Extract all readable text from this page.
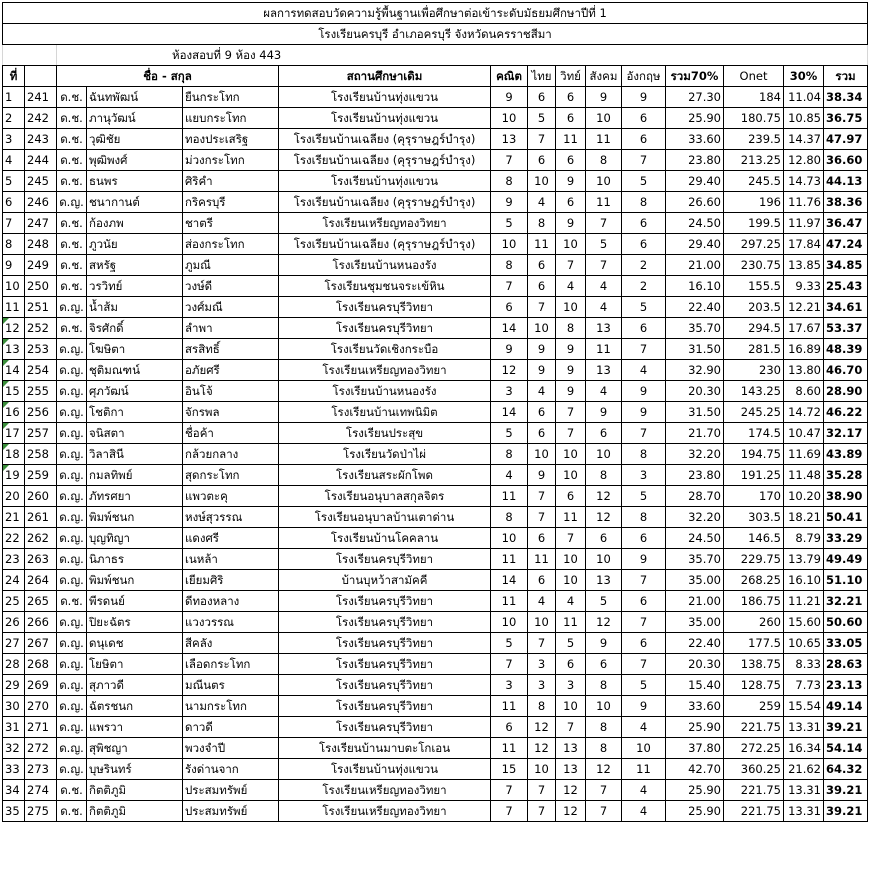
ผลการทดสอบวัดความรู้พื้นฐานเพื่อศึกษาต่อเข้าระดับมัธยมศึกษาปีที่ 1														
โรงเรียนครบุรี อำเภอครบุรี จังหวัดนครราชสีมา														
		ห้องสอบที่ 9 ห้อง 443												
ที่		ชื่อ - สกุล			สถานศึกษาเดิม	คณิต	ไทย	วิทย์	สังคม	อังกฤษ	รวม70%	Onet	30%	รวม
1	241	ด.ช.	ฉันทพัฒน์	ยืนกระโทก	โรงเรียนบ้านทุ่งแขวน	9	6	6	9	9	27.30	184	11.04	38.34
2	242	ด.ช.	ภานุวัฒน์	แยบกระโทก	โรงเรียนบ้านทุ่งแขวน	10	5	6	10	6	25.90	180.75	10.85	36.75
3	243	ด.ช.	วุฒิชัย	ทองประเสริฐ	โรงเรียนบ้านเฉลียง (คุรุราษฎร์บำรุง)	13	7	11	11	6	33.60	239.5	14.37	47.97
4	244	ด.ช.	พุฒิพงศ์	ม่วงกระโทก	โรงเรียนบ้านเฉลียง (คุรุราษฎร์บำรุง)	7	6	6	8	7	23.80	213.25	12.80	36.60
5	245	ด.ช.	ธนพร	ศิริคำ	โรงเรียนบ้านทุ่งแขวน	8	10	9	10	5	29.40	245.5	14.73	44.13
6	246	ด.ญ.	ชนากานต์	กริครบุรี	โรงเรียนบ้านเฉลียง (คุรุราษฎร์บำรุง)	9	4	6	11	8	26.60	196	11.76	38.36
7	247	ด.ช.	ก้องภพ	ชาตรี	โรงเรียนเหรียญทองวิทยา	5	8	9	7	6	24.50	199.5	11.97	36.47
8	248	ด.ช.	ภูวนัย	ส่องกระโทก	โรงเรียนบ้านเฉลียง (คุรุราษฎร์บำรุง)	10	11	10	5	6	29.40	297.25	17.84	47.24
9	249	ด.ช.	สหรัฐ	ภูมณี	โรงเรียนบ้านหนองรัง	8	6	7	7	2	21.00	230.75	13.85	34.85
10	250	ด.ช.	วรวิทย์	วงษ์ดี	โรงเรียนชุมชนจระเข้หิน	7	6	4	4	2	16.10	155.5	9.33	25.43
11	251	ด.ญ.	น้ำส้ม	วงศ์มณี	โรงเรียนครบุรีวิทยา	6	7	10	4	5	22.40	203.5	12.21	34.61
12	252	ด.ช.	จิรศักดิ์	ลำพา	โรงเรียนครบุรีวิทยา	14	10	8	13	6	35.70	294.5	17.67	53.37
13	253	ด.ญ.	โฆษิตา	สรสิทธิ์	โรงเรียนวัดเชิงกระบือ	9	9	9	11	7	31.50	281.5	16.89	48.39
14	254	ด.ญ.	ชุติมณฑน์	อภัยศรี	โรงเรียนเหรียญทองวิทยา	12	9	9	13	4	32.90	230	13.80	46.70
15	255	ด.ญ.	ศุภวัฒน์	อินโจ้	โรงเรียนบ้านหนองรัง	3	4	9	4	9	20.30	143.25	8.60	28.90
16	256	ด.ญ.	โชติกา	จักรพล	โรงเรียนบ้านเทพนิมิต	14	6	7	9	9	31.50	245.25	14.72	46.22
17	257	ด.ญ.	จนิสตา	ชื่อค้า	โรงเรียนประสุข	5	6	7	6	7	21.70	174.5	10.47	32.17
18	258	ด.ญ.	วิลาสินี	กล้วยกลาง	โรงเรียนวัดป่าไผ่	8	10	10	10	8	32.20	194.75	11.69	43.89
19	259	ด.ญ.	กมลทิพย์	สุดกระโทก	โรงเรียนสระผักโพด	4	9	10	8	3	23.80	191.25	11.48	35.28
20	260	ด.ญ.	ภัทรศยา	แพวตะคุ	โรงเรียนอนุบาลสกุลจิตร	11	7	6	12	5	28.70	170	10.20	38.90
21	261	ด.ญ.	พิมพ์ชนก	หงษ์สุวรรณ	โรงเรียนอนุบาลบ้านเตาด่าน	8	7	11	12	8	32.20	303.5	18.21	50.41
22	262	ด.ญ.	บุญทิญา	แดงศรี	โรงเรียนบ้านโคคลาน	10	6	7	6	6	24.50	146.5	8.79	33.29
23	263	ด.ญ.	นิภาธร	เนหล้า	โรงเรียนครบุรีวิทยา	11	11	10	10	9	35.70	229.75	13.79	49.49
24	264	ด.ญ.	พิมพ์ชนก	เยียมศิริ	บ้านบุหว้าสามัคคี	14	6	10	13	7	35.00	268.25	16.10	51.10
25	265	ด.ช.	พีรดนย์	ดีทองหลาง	โรงเรียนครบุรีวิทยา	11	4	4	5	6	21.00	186.75	11.21	32.21
26	266	ด.ญ.	ปิยะฉัตร	แวงวรรณ	โรงเรียนครบุรีวิทยา	10	10	11	12	7	35.00	260	15.60	50.60
27	267	ด.ญ.	ดนุเดช	สีคลัง	โรงเรียนครบุรีวิทยา	5	7	5	9	6	22.40	177.5	10.65	33.05
28	268	ด.ญ.	โยษิตา	เลือดกระโทก	โรงเรียนครบุรีวิทยา	7	3	6	6	7	20.30	138.75	8.33	28.63
29	269	ด.ญ.	สุภาวดี	มณีนตร	โรงเรียนครบุรีวิทยา	3	3	3	8	5	15.40	128.75	7.73	23.13
30	270	ด.ญ.	ฉัตรชนก	นามกระโทก	โรงเรียนครบุรีวิทยา	11	8	10	10	9	33.60	259	15.54	49.14
31	271	ด.ญ.	แพรวา	ดาวดี	โรงเรียนครบุรีวิทยา	6	12	7	8	4	25.90	221.75	13.31	39.21
32	272	ด.ญ.	สุพิชญา	พวงจำปี	โรงเรียนบ้านมาบตะโกเอน	11	12	13	8	10	37.80	272.25	16.34	54.14
33	273	ด.ญ.	บุษรินทร์	รังด่านจาก	โรงเรียนบ้านทุ่งแขวน	15	10	13	12	11	42.70	360.25	21.62	64.32
34	274	ด.ช.	กิตติภูมิ	ประสมทรัพย์	โรงเรียนเหรียญทองวิทยา	7	7	12	7	4	25.90	221.75	13.31	39.21
35	275	ด.ช.	กิตติภูมิ	ประสมทรัพย์	โรงเรียนเหรียญทองวิทยา	7	7	12	7	4	25.90	221.75	13.31	39.21
